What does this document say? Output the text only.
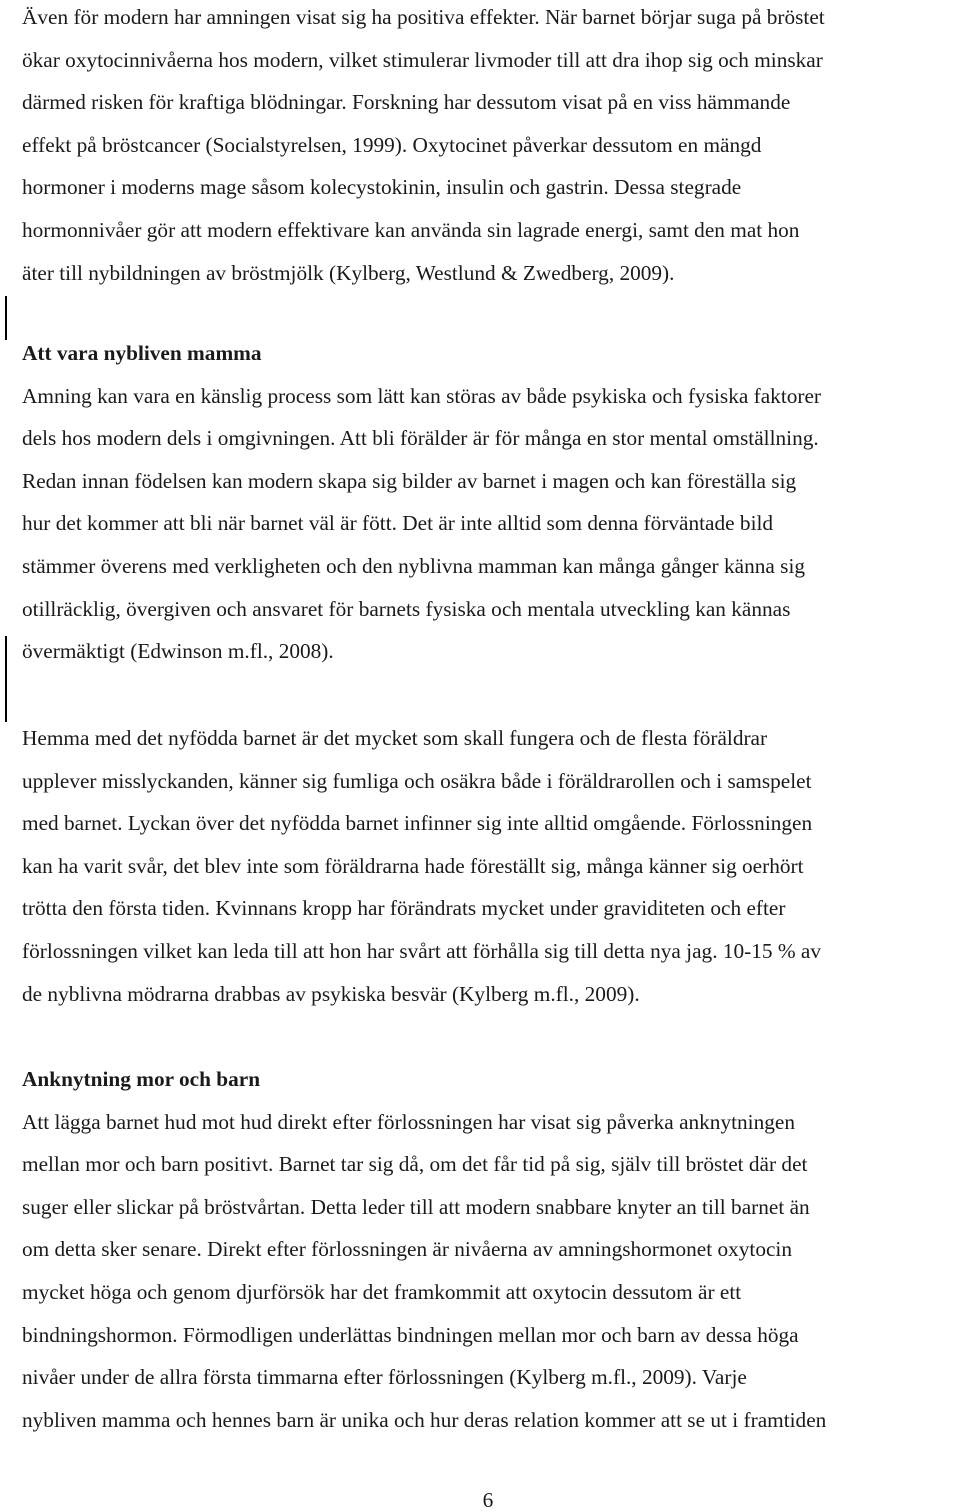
Även för modern har amningen visat sig ha positiva effekter. När barnet börjar suga på bröstet
ökar oxytocinnivåerna hos modern, vilket stimulerar livmoder till att dra ihop sig och minskar
därmed risken för kraftiga blödningar. Forskning har dessutom visat på en viss hämmande
effekt på bröstcancer (Socialstyrelsen, 1999). Oxytocinet påverkar dessutom en mängd
hormoner i moderns mage såsom kolecystokinin, insulin och gastrin. Dessa stegrade
hormonnivåer gör att modern effektivare kan använda sin lagrade energi, samt den mat hon
äter till nybildningen av bröstmjölk (Kylberg, Westlund & Zwedberg, 2009).
Att vara nybliven mamma
Amning kan vara en känslig process som lätt kan störas av både psykiska och fysiska faktorer
dels hos modern dels i omgivningen. Att bli förälder är för många en stor mental omställning.
Redan innan födelsen kan modern skapa sig bilder av barnet i magen och kan föreställa sig
hur det kommer att bli när barnet väl är fött. Det är inte alltid som denna förväntade bild
stämmer överens med verkligheten och den nyblivna mamman kan många gånger känna sig
otillräcklig, övergiven och ansvaret för barnets fysiska och mentala utveckling kan kännas
övermäktigt (Edwinson m.fl., 2008).
Hemma med det nyfödda barnet är det mycket som skall fungera och de flesta föräldrar
upplever misslyckanden, känner sig fumliga och osäkra både i föräldrarollen och i samspelet
med barnet. Lyckan över det nyfödda barnet infinner sig inte alltid omgående. Förlossningen
kan ha varit svår, det blev inte som föräldrarna hade föreställt sig, många känner sig oerhört
trötta den första tiden. Kvinnans kropp har förändrats mycket under graviditeten och efter
förlossningen vilket kan leda till att hon har svårt att förhålla sig till detta nya jag. 10-15 % av
de nyblivna mödrarna drabbas av psykiska besvär (Kylberg m.fl., 2009).
Anknytning mor och barn
Att lägga barnet hud mot hud direkt efter förlossningen har visat sig påverka anknytningen
mellan mor och barn positivt. Barnet tar sig då, om det får tid på sig, själv till bröstet där det
suger eller slickar på bröstvårtan. Detta leder till att modern snabbare knyter an till barnet än
om detta sker senare. Direkt efter förlossningen är nivåerna av amningshormonet oxytocin
mycket höga och genom djurförsök har det framkommit att oxytocin dessutom är ett
bindningshormon. Förmodligen underlättas bindningen mellan mor och barn av dessa höga
nivåer under de allra första timmarna efter förlossningen (Kylberg m.fl., 2009). Varje
nybliven mamma och hennes barn är unika och hur deras relation kommer att se ut i framtiden
6
